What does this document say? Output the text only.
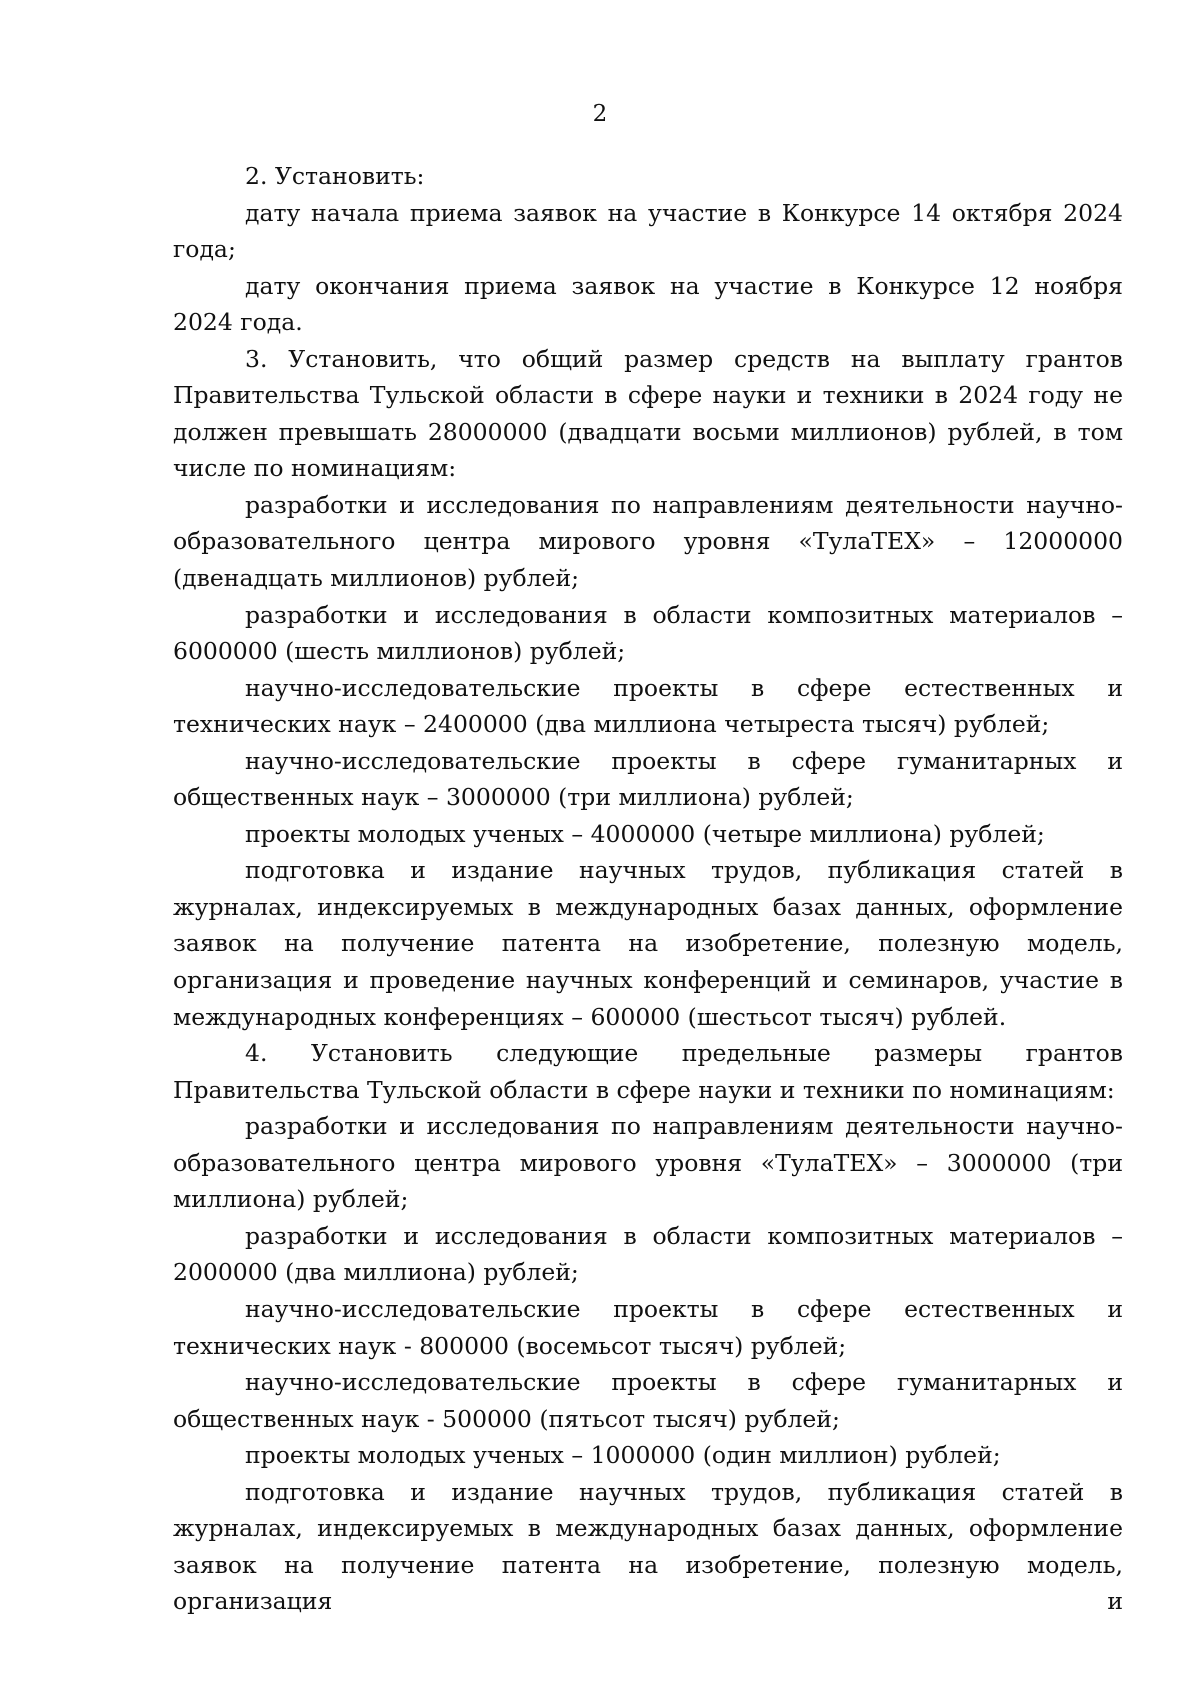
2

2. Установить:

дату начала приема заявок на участие в Конкурсе 14 октября 2024 года;

дату окончания приема заявок на участие в Конкурсе 12 ноября 2024 года.

3. Установить, что общий размер средств на выплату грантов Правительства Тульской области в сфере науки и техники в 2024 году не должен превышать 28000000 (двадцати восьми миллионов) рублей, в том числе по номинациям:

разработки и исследования по направлениям деятельности научно-образовательного центра мирового уровня «ТулаТЕХ» – 12000000 (двенадцать миллионов) рублей;

разработки и исследования в области композитных материалов – 6000000 (шесть миллионов) рублей;

научно-исследовательские проекты в сфере естественных и технических наук – 2400000 (два миллиона четыреста тысяч) рублей;

научно-исследовательские проекты в сфере гуманитарных и общественных наук – 3000000 (три миллиона) рублей;

проекты молодых ученых – 4000000 (четыре миллиона) рублей;

подготовка и издание научных трудов, публикация статей в журналах, индексируемых в международных базах данных, оформление заявок на получение патента на изобретение, полезную модель, организация и проведение научных конференций и семинаров, участие в международных конференциях – 600000 (шестьсот тысяч) рублей.

4. Установить следующие предельные размеры грантов Правительства Тульской области в сфере науки и техники по номинациям:

разработки и исследования по направлениям деятельности научно-образовательного центра мирового уровня «ТулаТЕХ» – 3000000 (три миллиона) рублей;

разработки и исследования в области композитных материалов – 2000000 (два миллиона) рублей;

научно-исследовательские проекты в сфере естественных и технических наук - 800000 (восемьсот тысяч) рублей;

научно-исследовательские проекты в сфере гуманитарных и общественных наук - 500000 (пятьсот тысяч) рублей;

проекты молодых ученых – 1000000 (один миллион) рублей;

подготовка и издание научных трудов, публикация статей в журналах, индексируемых в международных базах данных, оформление заявок на получение патента на изобретение, полезную модель, организация и
